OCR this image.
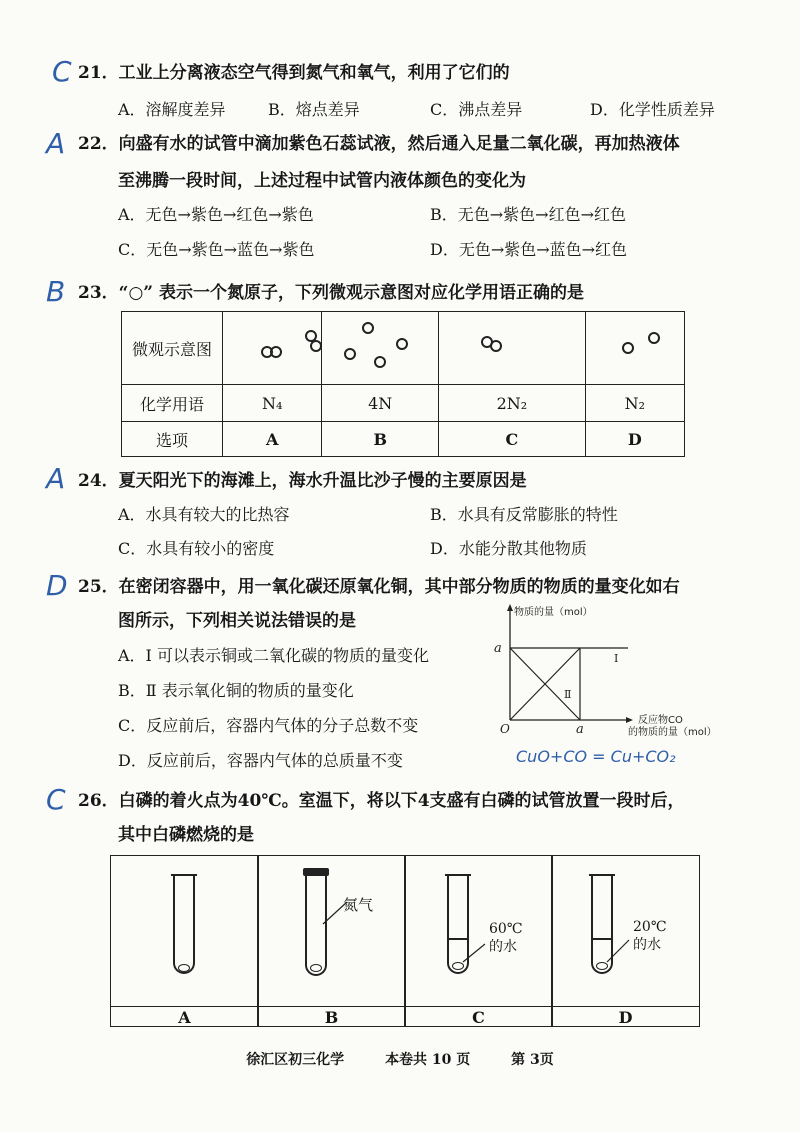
C 21．工业上分离液态空气得到氮气和氧气，利用了它们的
A．溶解度差异	B．熔点差异	C．沸点差异	D．化学性质差异
A 22．向盛有水的试管中滴加紫色石蕊试液，然后通入足量二氧化碳，再加热液体
至沸腾一段时间，上述过程中试管内液体颜色的变化为
A．无色→紫色→红色→紫色	B．无色→紫色→红色→红色
C．无色→紫色→蓝色→紫色	D．无色→紫色→蓝色→红色
B 23．“○” 表示一个氮原子，下列微观示意图对应化学用语正确的是
微观示意图	

化学用语	N₄	4N	2N₂	N₂
选项	A	B	C	D
A 24．夏天阳光下的海滩上，海水升温比沙子慢的主要原因是
A．水具有较大的比热容	B．水具有反常膨胀的特性
C．水具有较小的密度	D．水能分散其他物质
D 25．在密闭容器中，用一氧化碳还原氧化铜，其中部分物质的物质的量变化如右
图所示，下列相关说法错误的是
A．Ⅰ 可以表示铜或二氧化碳的物质的量变化
B．Ⅱ 表示氧化铜的物质的量变化
C．反应前后，容器内气体的分子总数不变
D．反应前后，容器内气体的总质量不变
物质的量（mol）
a
O	a
Ⅰ
Ⅱ
反应物CO
的物质的量（mol）
CuO+CO = Cu+CO₂
C 26．白磷的着火点为40℃。室温下，将以下4支盛有白磷的试管放置一段时后，
其中白磷燃烧的是
氮气
60℃
的水
20℃
的水
A	B	C	D
徐汇区初三化学	本卷共 10 页	第 3页
